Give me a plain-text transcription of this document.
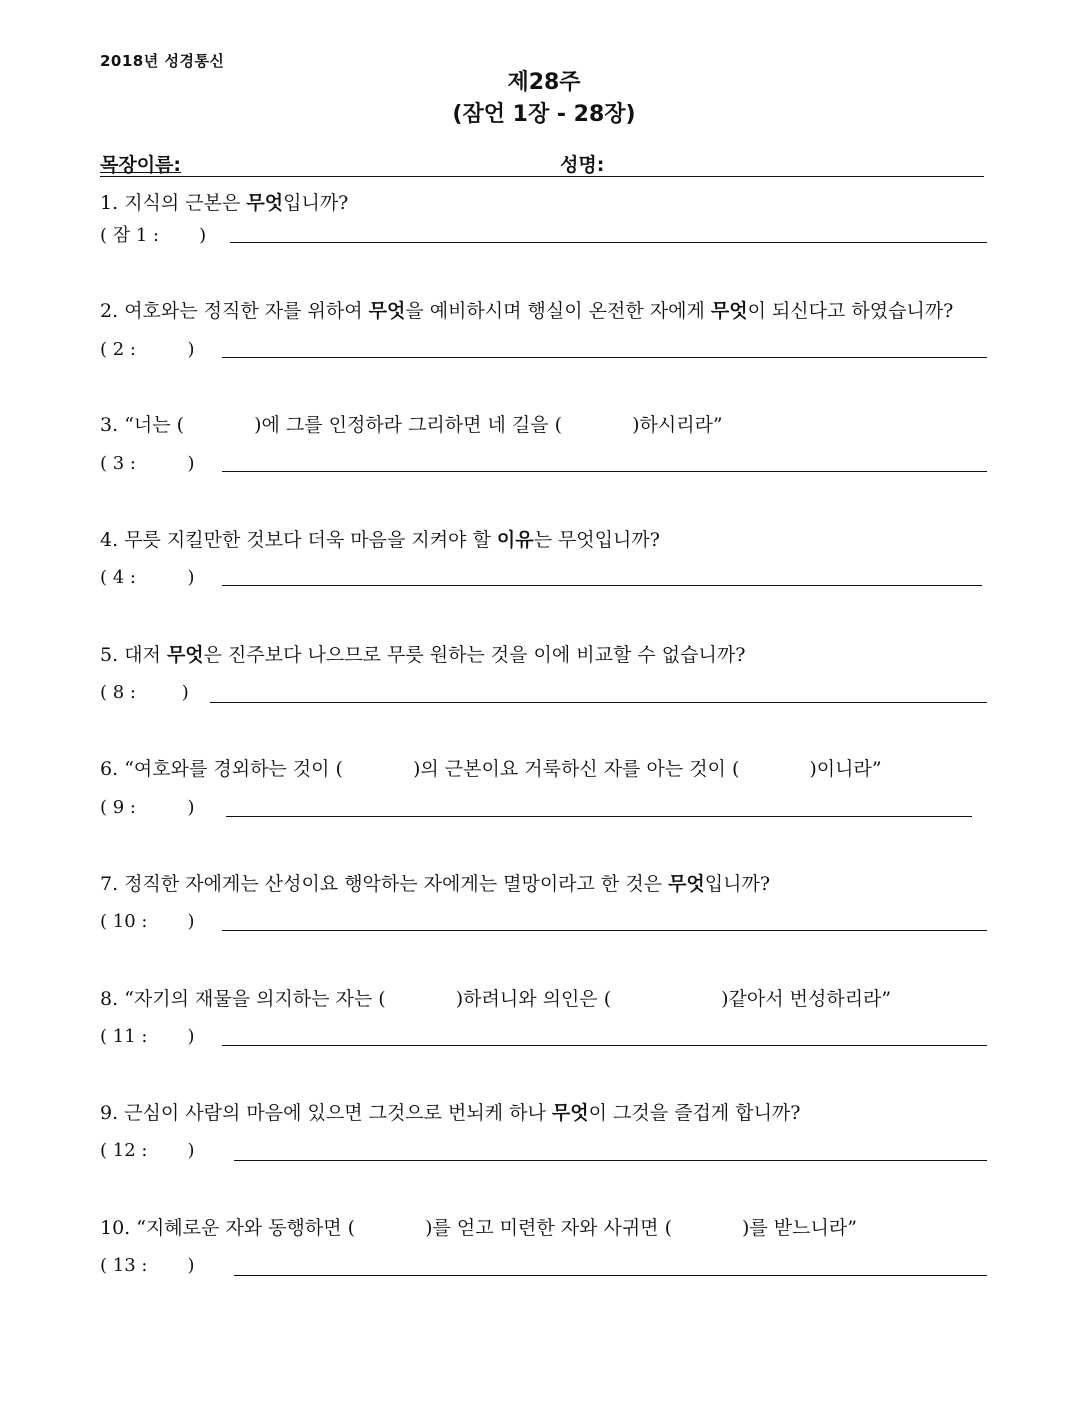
2018년 성경통신
제28주
(잠언 1장 - 28장)
목장이름:	성명:
1. 지식의 근본은 무엇입니까?
( 잠 1 :       )
2. 여호와는 정직한 자를 위하여 무엇을 예비하시며 행실이 온전한 자에게 무엇이 되신다고 하였습니까?
( 2 :         )
3. “너는 (	)에 그를 인정하라 그리하면 네 길을 (	)하시리라”
( 3 :         )
4. 무릇 지킬만한 것보다 더욱 마음을 지켜야 할 이유는 무엇입니까?
( 4 :         )
5. 대저 무엇은 진주보다 나으므로 무릇 원하는 것을 이에 비교할 수 없습니까?
( 8 :        )
6. “여호와를 경외하는 것이 (	)의 근본이요 거룩하신 자를 아는 것이 (	)이니라”
( 9 :         )
7. 정직한 자에게는 산성이요 행악하는 자에게는 멸망이라고 한 것은 무엇입니까?
( 10 :       )
8. “자기의 재물을 의지하는 자는 (	)하려니와 의인은 (	)같아서 번성하리라”
( 11 :       )
9. 근심이 사람의 마음에 있으면 그것으로 번뇌케 하나 무엇이 그것을 즐겁게 합니까?
( 12 :       )
10. “지혜로운 자와 동행하면 (	)를 얻고 미련한 자와 사귀면 (	)를 받느니라”
( 13 :       )
